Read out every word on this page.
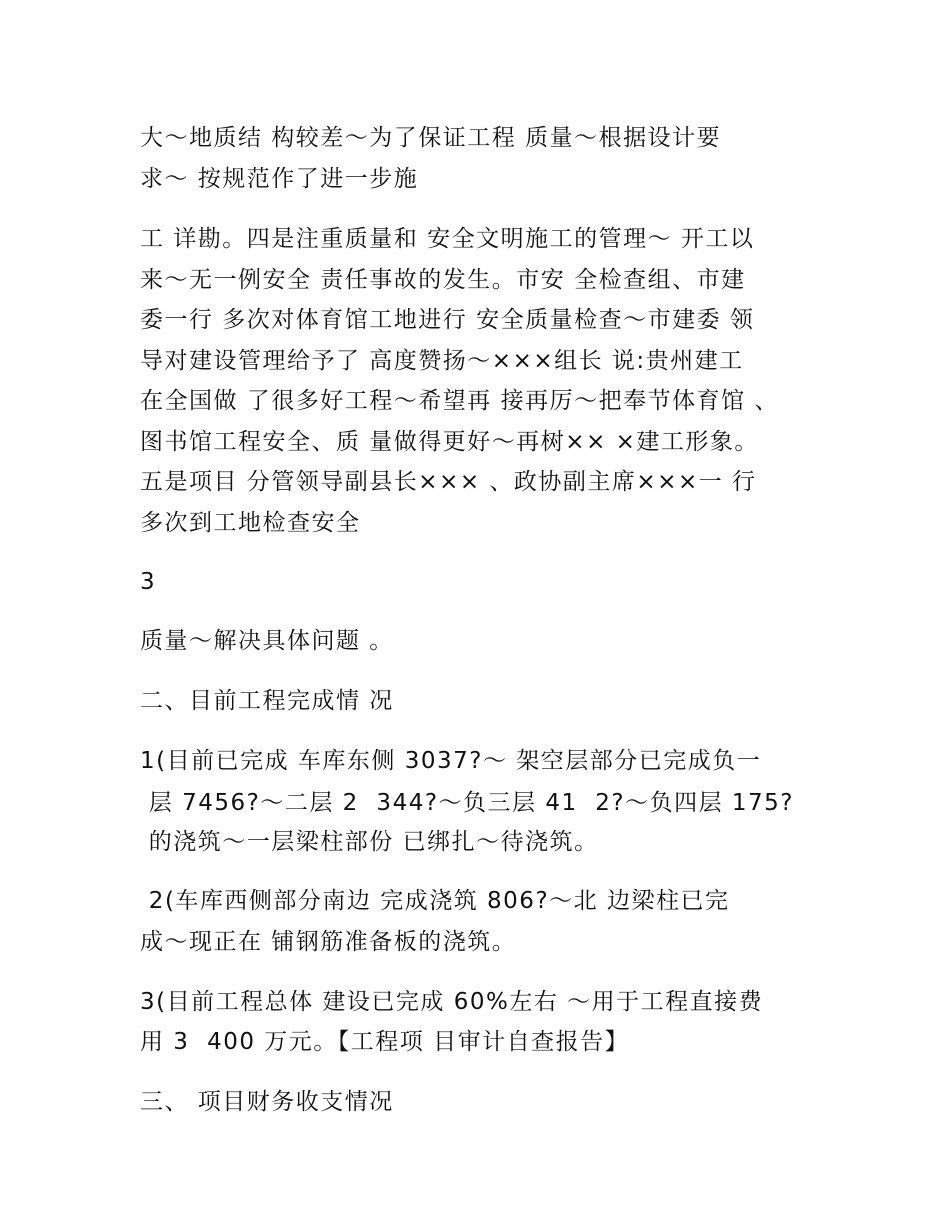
大～地质结 构较差～为了保证工程 质量～根据设计要
求～ 按规范作了进一步施
工 详勘。四是注重质量和 安全文明施工的管理～ 开工以
来～无一例安全 责任事故的发生。市安 全检查组、市建
委一行 多次对体育馆工地进行 安全质量检查～市建委 领
导对建设管理给予了 高度赞扬～×××组长 说:贵州建工
在全国做 了很多好工程～希望再 接再厉～把奉节体育馆 、
图书馆工程安全、质 量做得更好～再树×× ×建工形象。
五是项目 分管领导副县长××× 、政协副主席×××一 行
多次到工地检查安全
3
质量～解决具体问题 。
二、目前工程完成情 况
1(目前已完成 车库东侧 3037?～ 架空层部分已完成负一
层 7456?～二层 2  344?～负三层 41  2?～负四层 175?
的浇筑～一层梁柱部份 已绑扎～待浇筑。
2(车库西侧部分南边 完成浇筑 806?～北 边梁柱已完
成～现正在 铺钢筋准备板的浇筑。
3(目前工程总体 建设已完成 60%左右 ～用于工程直接费
用 3  400 万元。【工程项 目审计自查报告】
三、 项目财务收支情况
